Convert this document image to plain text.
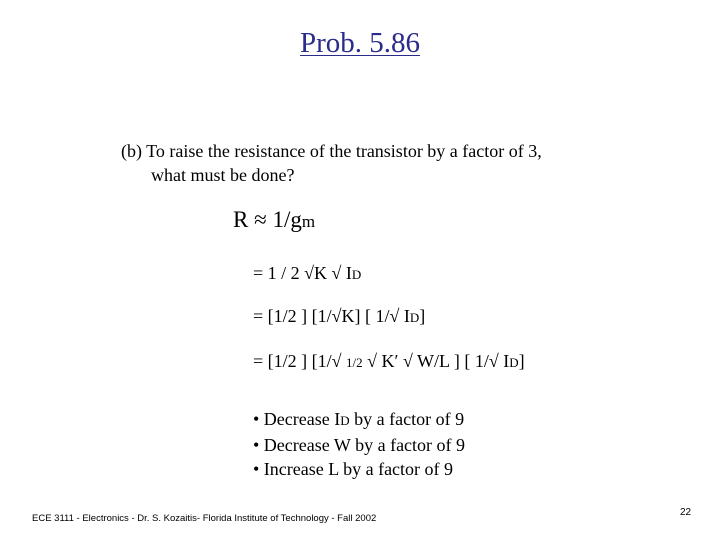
Prob. 5.86
(b) To raise the resistance of the transistor by a factor of 3,
what must be done?
R ≈ 1/gm
= 1 / 2 √K √ ID
= [1/2 ] [1/√K] [ 1/√ ID]
= [1/2 ] [1/√ 1/2 √ K′ √ W/L ] [ 1/√ ID]
• Decrease ID by a factor of 9
• Decrease W by a factor of 9
• Increase L by a factor of 9
ECE 3111 - Electronics - Dr. S. Kozaitis- Florida Institute of Technology - Fall 2002
22
